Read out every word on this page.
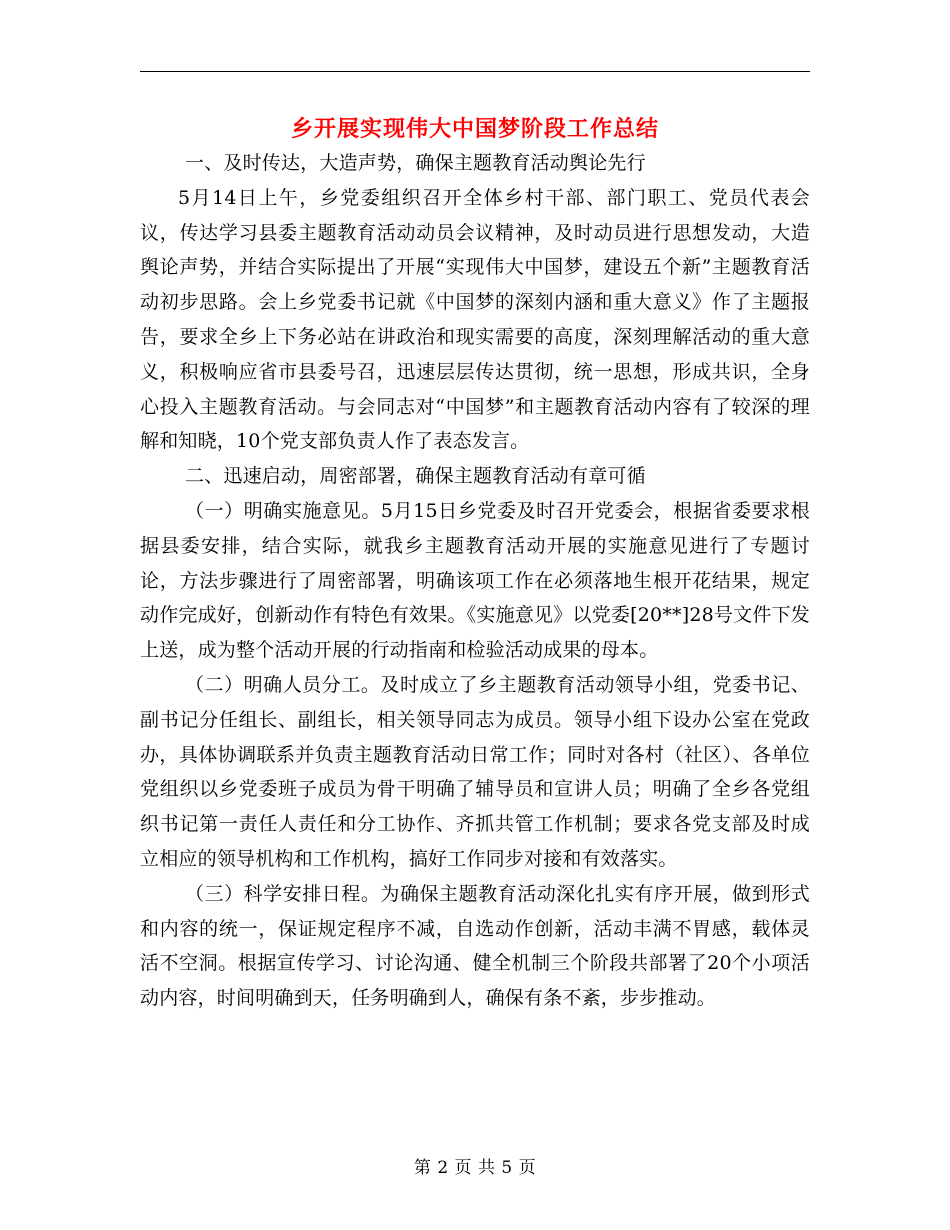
乡开展实现伟大中国梦阶段工作总结

一、及时传达，大造声势，确保主题教育活动舆论先行

5月14日上午，乡党委组织召开全体乡村干部、部门职工、党员代表会议，传达学习县委主题教育活动动员会议精神，及时动员进行思想发动，大造舆论声势，并结合实际提出了开展“实现伟大中国梦，建设五个新”主题教育活动初步思路。会上乡党委书记就《中国梦的深刻内涵和重大意义》作了主题报告，要求全乡上下务必站在讲政治和现实需要的高度，深刻理解活动的重大意义，积极响应省市县委号召，迅速层层传达贯彻，统一思想，形成共识，全身心投入主题教育活动。与会同志对“中国梦”和主题教育活动内容有了较深的理解和知晓，10个党支部负责人作了表态发言。

二、迅速启动，周密部署，确保主题教育活动有章可循

（一）明确实施意见。5月15日乡党委及时召开党委会，根据省委要求根据县委安排，结合实际，就我乡主题教育活动开展的实施意见进行了专题讨论，方法步骤进行了周密部署，明确该项工作在必须落地生根开花结果，规定动作完成好，创新动作有特色有效果。《实施意见》以党委[20**]28号文件下发上送，成为整个活动开展的行动指南和检验活动成果的母本。

（二）明确人员分工。及时成立了乡主题教育活动领导小组，党委书记、副书记分任组长、副组长，相关领导同志为成员。领导小组下设办公室在党政办，具体协调联系并负责主题教育活动日常工作；同时对各村（社区）、各单位党组织以乡党委班子成员为骨干明确了辅导员和宣讲人员；明确了全乡各党组织书记第一责任人责任和分工协作、齐抓共管工作机制；要求各党支部及时成立相应的领导机构和工作机构，搞好工作同步对接和有效落实。

（三）科学安排日程。为确保主题教育活动深化扎实有序开展，做到形式和内容的统一，保证规定程序不减，自选动作创新，活动丰满不胃感，载体灵活不空洞。根据宣传学习、讨论沟通、健全机制三个阶段共部署了20个小项活动内容，时间明确到天，任务明确到人，确保有条不紊，步步推动。

第 2 页 共 5 页
